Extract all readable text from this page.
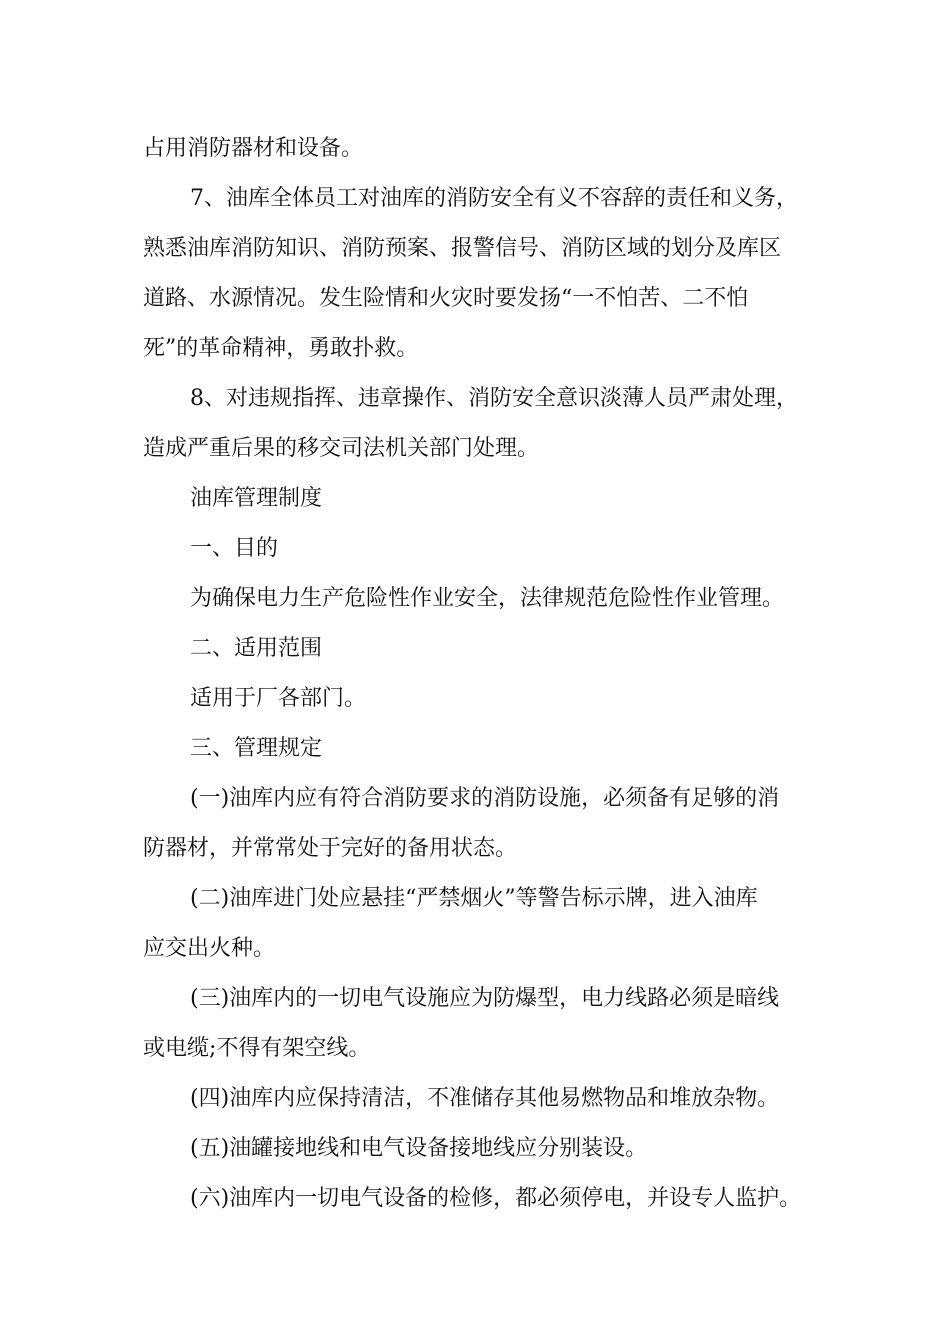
占用消防器材和设备。
7、油库全体员工对油库的消防安全有义不容辞的责任和义务，
熟悉油库消防知识、消防预案、报警信号、消防区域的划分及库区
道路、水源情况。发生险情和火灾时要发扬“一不怕苦、二不怕
死”的革命精神，勇敢扑救。
8、对违规指挥、违章操作、消防安全意识淡薄人员严肃处理，
造成严重后果的移交司法机关部门处理。
油库管理制度
一、目的
为确保电力生产危险性作业安全，法律规范危险性作业管理。
二、适用范围
适用于厂各部门。
三、管理规定
(一)油库内应有符合消防要求的消防设施，必须备有足够的消
防器材，并常常处于完好的备用状态。
(二)油库进门处应悬挂“严禁烟火”等警告标示牌，进入油库
应交出火种。
(三)油库内的一切电气设施应为防爆型，电力线路必须是暗线
或电缆;不得有架空线。
(四)油库内应保持清洁，不准储存其他易燃物品和堆放杂物。
(五)油罐接地线和电气设备接地线应分别装设。
(六)油库内一切电气设备的检修，都必须停电，并设专人监护。
